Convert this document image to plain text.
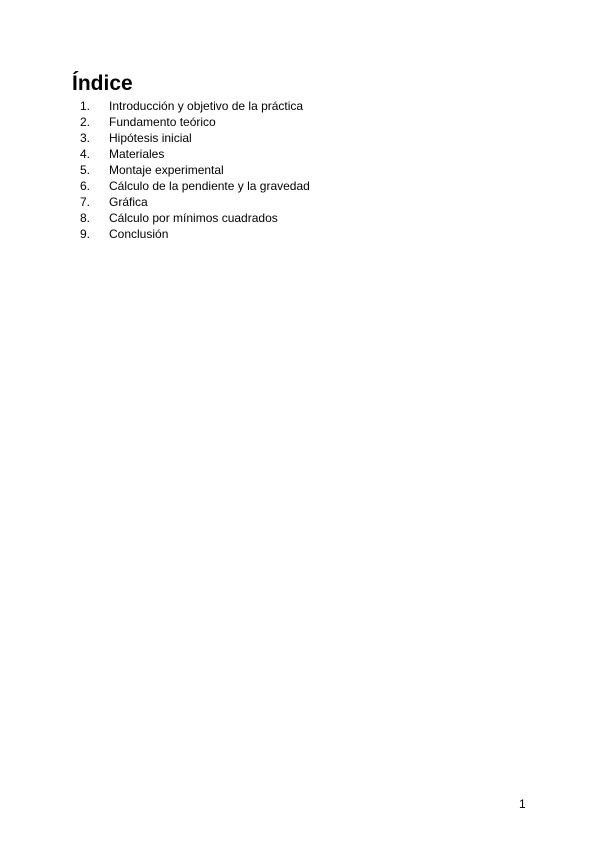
Índice
1.	Introducción y objetivo de la práctica
2.	Fundamento teórico
3.	Hipótesis inicial
4.	Materiales
5.	Montaje experimental
6.	Cálculo de la pendiente y la gravedad
7.	Gráfica
8.	Cálculo por mínimos cuadrados
9.	Conclusión
1
